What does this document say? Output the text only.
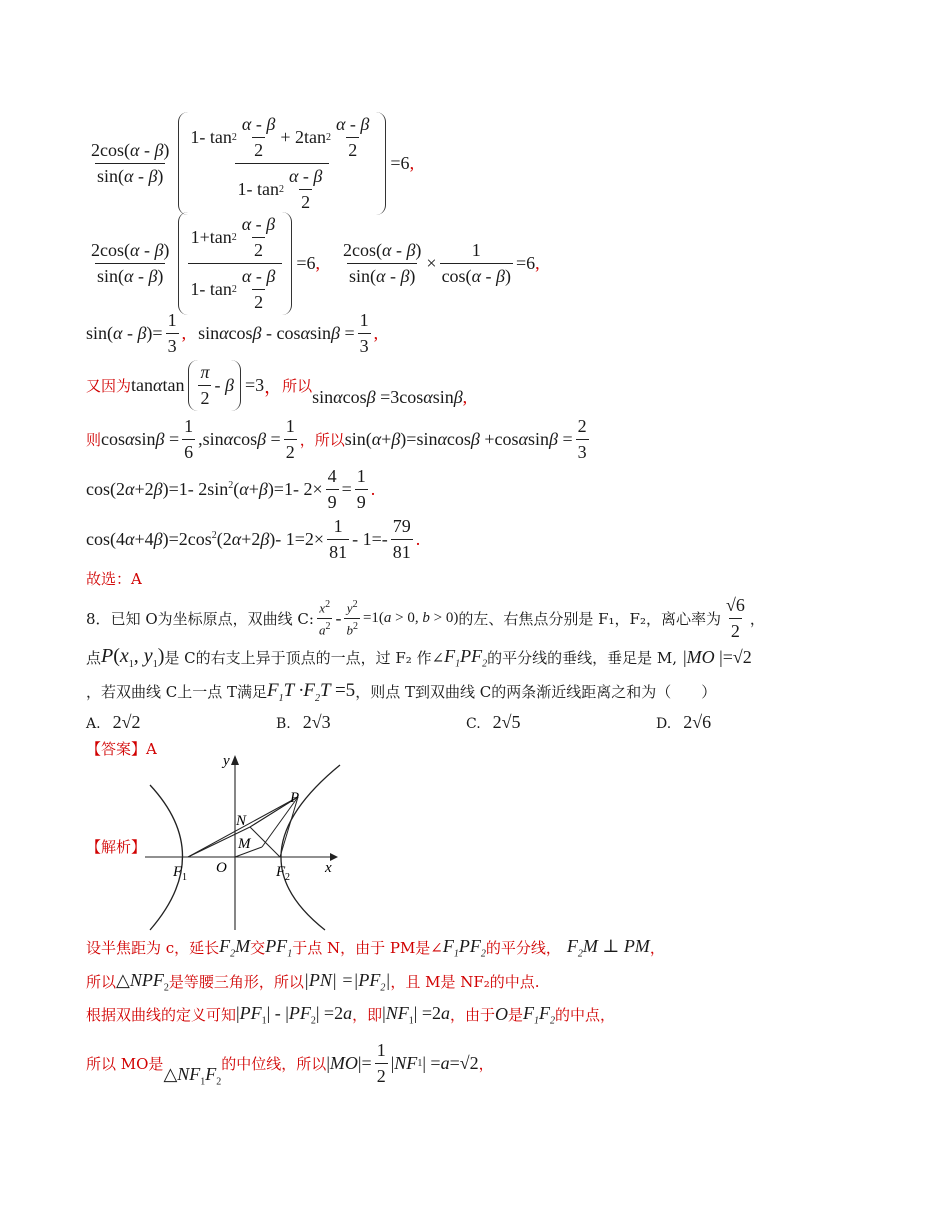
$\frac{2\cos(\alpha - \beta)}{\sin(\alpha - \beta)} \frac{1- \tan 2 \frac{\alpha - \beta}{2} + 2\tan 2 \frac{\alpha - \beta}{2}}{1- \tan 2 \frac{\alpha - \beta}{2}} =6$ ,
$\frac{2\cos(\alpha - \beta)}{\sin(\alpha - \beta)} \frac{1+\tan 2 \frac{\alpha - \beta}{2}}{1- \tan 2 \frac{\alpha - \beta}{2}} =6$ , $\frac{2\cos(\alpha - \beta)}{\sin(\alpha - \beta)} \times \frac{1}{\cos(\alpha - \beta)} =6$ ,
$\sin(\alpha - \beta)= \frac{1}{3}$ , $\sin\alpha\cos\beta - \cos\alpha\sin\beta = \frac{1}{3}$ ,
又因为 tanαtan $\frac{\pi}{2} - \beta =3$ ， 所以 sinαcosβ =3cosαsinβ,
则 $\cos\alpha\sin\beta = \frac{1}{6} ,\sin\alpha\cos\beta = \frac{1}{2}$ ，所以 $\sin(\alpha+\beta)=\sin\alpha\cos\beta +\cos\alpha\sin\beta = \frac{2}{3}$
cos(2α+2β)=1- $2\sin^2(\alpha+\beta)=1-$ $2\times \frac{4}{9} = \frac{1}{9}$ .
$\cos(4\alpha+4\beta)=2\cos^2(2\alpha+2\beta)-$ $1=2\times \frac{1}{81} - 1=- \frac{79}{81}$ .
故选：A
8 ． 已知 O为坐标原点，双曲线 C: $\frac{x^2}{a^2} - \frac{y^2}{b^2} =1(a > 0$, b > 0) 的左、右焦点分别是 F₁，F₂，离心率为 $\frac{√6}{2}$ ，
点 $P(x_1$, $y_1$) 是 C的右支上异于顶点的一点，过 F₂ 作∠ $F_1PF_2$ 的平分线的垂线，垂足是 M, |MO |=√2
，若双曲线 C上一点 T满足 $F_1T \cdot F_2T =5$ ，则点 T到双曲线 C的两条渐近线距离之和为（　　）
A. 2√2	B. 2√3	C. 2√5	D. 2√6
【答案】A
【解析】
y
x
P
N
M
O
F 1	F 2
设半焦距为 c，延长 $F_2M$ 交 $PF_1$ 于点 N，由于 PM是∠ $F_1PF_2$ 的平分线， $F_2M$ ⊥ PM ，
所以 $\triangle NPF_2$ 是等腰三角形，所以 $|PN| =|PF_2|$ ，且 M是 NF₂的中点.
根据双曲线的定义可知 $|PF_1| - |PF_2| =2a$ ，即 $|NF_1| =2a$ ，由于 O 是 $F_1F_2$ 的中点，
所以 MO是 $\triangle NF_1F_2$
的中位线，所以 | MO |= $\frac{1}{2}$ | NF 1 | = a =√2 ，
